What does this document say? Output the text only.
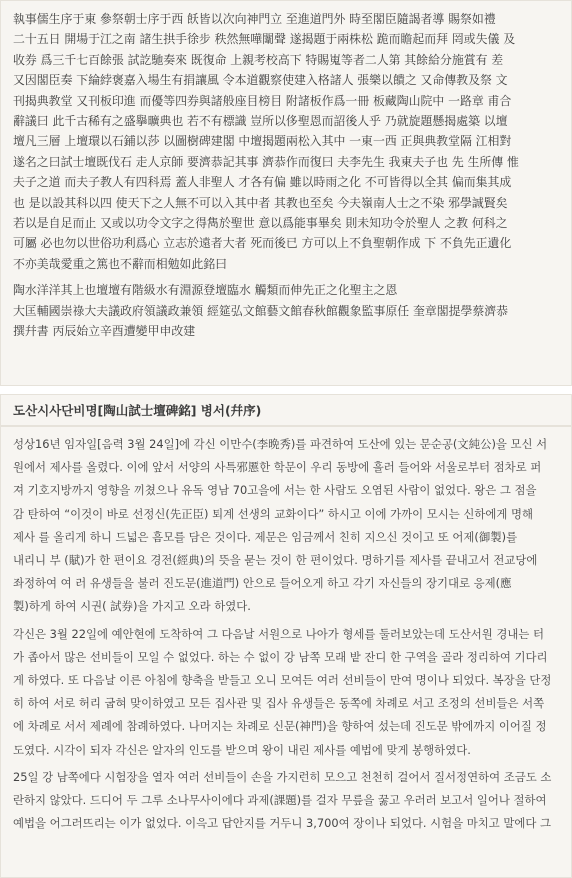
執事儒生序于東 參祭朝士序于西 飫皆以次向神門立 至進道門外 時至閣臣隨謁者導 賜祭如禮

二十五日 開場于江之南 諸生拱手徐步 秩然無嘩闈聲 遂揭題于兩株松 跪而瞻起而拜 罔或失儀 及

收券 爲三千七百餘張 試訖馳奏來 既復命 上親考校高下 特賜嵬等者二人第 其餘給分施賞有 差

又因閣臣奏 下綸綍褒嘉入場生有捐讓風 令本道觀察使建入格諸人 張樂以饋之 又命傳教及祭 文

刊揭典教堂 又刊板印進 而優等四券與諸般座目榜目 附諸板作爲一冊 板藏陶山院中 一路章 甫合

辭議曰 此千古稀有之盛擧曠典也 若不有標識 豈所以侈聖恩而詔後人乎 乃就旋題懸揭處築 以壇

壇凡三層 上壇環以石鋪以莎 以圖樹碑建閣 中壇揭題兩松入其中 一東一西 正與典教堂隔 江相對

遂名之曰試士壇既伐石 走人京師 要濟恭記其事 濟恭作而復曰 夫李先生 我東夫子也 先 生所傳 惟

夫子之道 而夫子教人有四科焉 蓋人非聖人 才各有偏 雖以時雨之化 不可皆得以全其 偏而集其成

也 是以設其科以四 使天下之人無不可以入其中者 其教也至矣 今夫嶺南人士之不染 邪學誠賢矣

若以是自足而止 又或以功令文字之得雋於聖世 意以爲能事畢矣 則未知功令於聖人 之教 何科之

可屬 必也勿以世俗功利爲心 立志於遠者大者 死而後已 方可以上不負聖朝作成 下 不負先正遺化

不亦美哉愛重之篤也不辭而相勉如此銘曰

陶水洋洋其上也壇壇有階級水有淵源登壇臨水 觸類而伸先正之化聖主之恩

大匡輔國崇祿大夫議政府領議政兼領 經筵弘文館藝文館春秋館觀象監事原任 奎章閣提學蔡濟恭

撰幷書 丙辰始立辛酉遭變甲申改建

도산시사단비명[陶山試士壇碑銘] 병서(幷序)

성상16년 임자일[음력 3월 24일]에 각신 이만수(李晩秀)를 파견하여 도산에 있는 문순공(文純公)을 모신 서

원에서 제사를 올렸다. 이에 앞서 서양의 사특邪慝한 학문이 우리 동방에 흘러 들어와 서울로부터 점차로 퍼

져 기호지방까지 영향을 끼쳤으나 유독 영남 70고을에 서는 한 사람도 오염된 사람이 없었다. 왕은 그 점을

감 탄하여 “이것이 바로 선정신(先正臣) 퇴계 선생의 교화이다” 하시고 이에 가까이 모시는 신하에게 명해

제사 를 올리게 하니 드넓은 흠모를 담은 것이다. 제문은 임금께서 친히 지으신 것이고 또 어제(御製)를

내리니 부 (賦)가 한 편이요 경전(經典)의 뜻을 묻는 것이 한 편이었다. 명하기를 제사를 끝내고서 전교당에

좌정하여 여 러 유생들을 불러 진도문(進道門) 안으로 들어오게 하고 각기 자신들의 장기대로 응제(應

製)하게 하여 시권( 試券)을 가지고 오라 하였다.

각신은 3월 22일에 예안현에 도착하여 그 다음날 서원으로 나아가 형세를 둘러보았는데 도산서원 경내는 터

가 좁아서 많은 선비들이 모일 수 없었다. 하는 수 없이 강 남쪽 모래 밭 잔디 한 구역을 골라 정리하여 기다리

게 하였다. 또 다음날 이른 아침에 향축을 받들고 오니 모여든 여러 선비들이 만여 명이나 되었다. 복장을 단정

히 하여 서로 허리 굽혀 맞이하였고 모든 집사관 및 집사 유생들은 동쪽에 차례로 서고 조정의 선비들은 서쪽

에 차례로 서서 제례에 참례하였다. 나머지는 차례로 신문(神門)을 향하여 섰는데 진도문 밖에까지 이어질 정

도였다. 시각이 되자 각신은 알자의 인도를 받으며 왕이 내린 제사를 예법에 맞게 봉행하였다.

25일 강 남쪽에다 시험장을 열자 여러 선비들이 손을 가지런히 모으고 천천히 걸어서 질서정연하여 조금도 소

란하지 않았다. 드디어 두 그루 소나무사이에다 과제(課題)를 걸자 무릎을 꿇고 우러러 보고서 일어나 절하여

예법을 어그러뜨리는 이가 없었다. 이윽고 답안지를 거두니 3,700여 장이나 되었다. 시험을 마치고 말에다 그
